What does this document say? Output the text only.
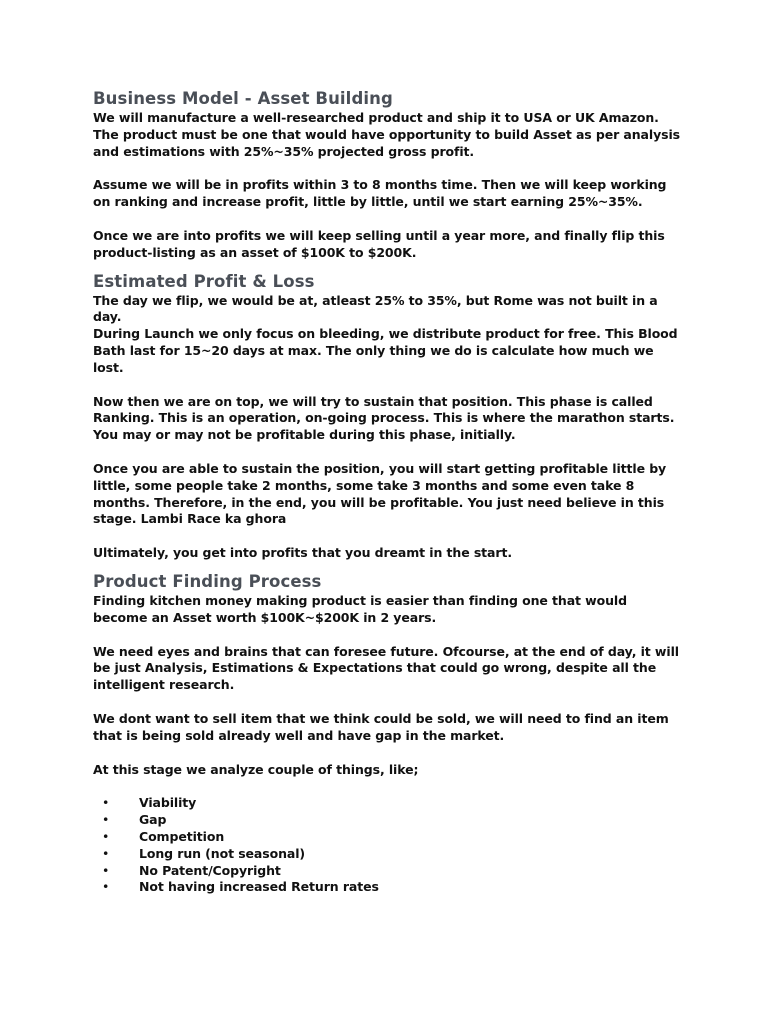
Business Model - Asset Building

We will manufacture a well-researched product and ship it to USA or UK Amazon. The product must be one that would have opportunity to build Asset as per analysis and estimations with 25%~35% projected gross profit.

Assume we will be in profits within 3 to 8 months time. Then we will keep working on ranking and increase profit, little by little, until we start earning 25%~35%.

Once we are into profits we will keep selling until a year more, and finally flip this product-listing as an asset of $100K to $200K.

Estimated Profit & Loss

The day we flip, we would be at, atleast 25% to 35%, but Rome was not built in a day.

During Launch we only focus on bleeding, we distribute product for free. This Blood Bath last for 15~20 days at max. The only thing we do is calculate how much we lost.

Now then we are on top, we will try to sustain that position. This phase is called Ranking. This is an operation, on-going process. This is where the marathon starts. You may or may not be profitable during this phase, initially.

Once you are able to sustain the position, you will start getting profitable little by little, some people take 2 months, some take 3 months and some even take 8 months. Therefore, in the end, you will be profitable. You just need believe in this stage. Lambi Race ka ghora

Ultimately, you get into profits that you dreamt in the start.

Product Finding Process

Finding kitchen money making product is easier than finding one that would become an Asset worth $100K~$200K in 2 years.

We need eyes and brains that can foresee future. Ofcourse, at the end of day, it will be just Analysis, Estimations & Expectations that could go wrong, despite all the intelligent research.

We dont want to sell item that we think could be sold, we will need to find an item that is being sold already well and have gap in the market.

At this stage we analyze couple of things, like;

• Viability
• Gap
• Competition
• Long run (not seasonal)
• No Patent/Copyright
• Not having increased Return rates
